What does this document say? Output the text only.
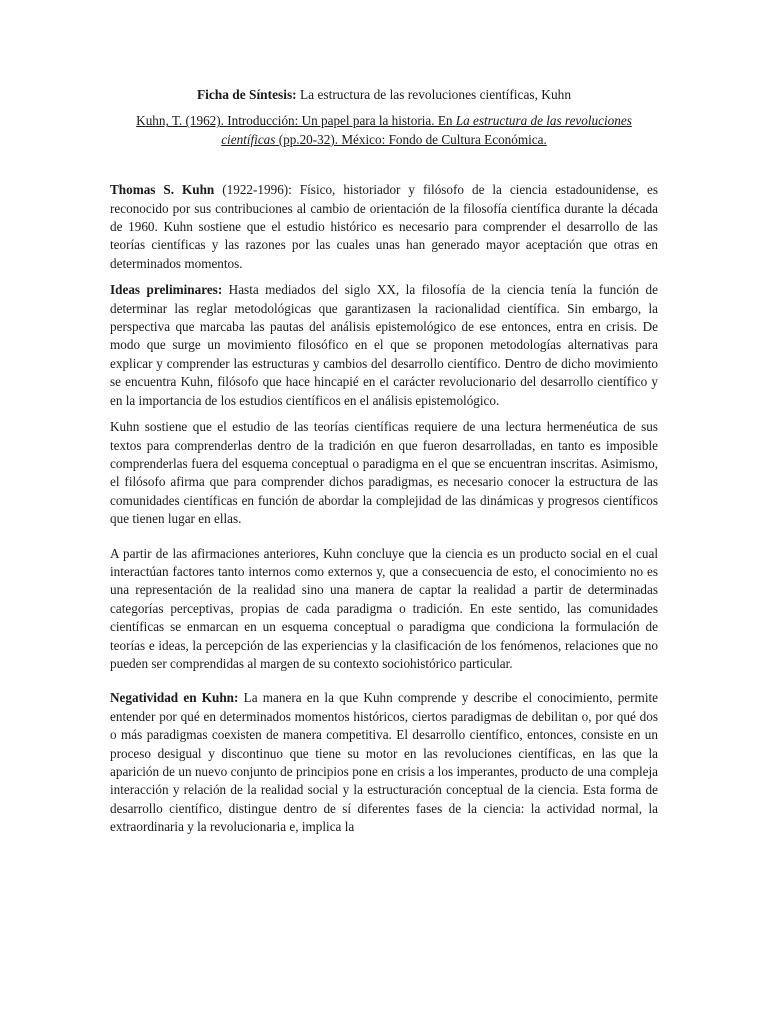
Ficha de Síntesis: La estructura de las revoluciones científicas, Kuhn
Kuhn, T. (1962). Introducción: Un papel para la historia. En La estructura de las revoluciones científicas (pp.20-32). México: Fondo de Cultura Económica.

Thomas S. Kuhn (1922-1996): Físico, historiador y filósofo de la ciencia estadounidense, es reconocido por sus contribuciones al cambio de orientación de la filosofía científica durante la década de 1960. Kuhn sostiene que el estudio histórico es necesario para comprender el desarrollo de las teorías científicas y las razones por las cuales unas han generado mayor aceptación que otras en determinados momentos.

Ideas preliminares: Hasta mediados del siglo XX, la filosofía de la ciencia tenía la función de determinar las reglar metodológicas que garantizasen la racionalidad científica. Sin embargo, la perspectiva que marcaba las pautas del análisis epistemológico de ese entonces, entra en crisis. De modo que surge un movimiento filosófico en el que se proponen metodologías alternativas para explicar y comprender las estructuras y cambios del desarrollo científico. Dentro de dicho movimiento se encuentra Kuhn, filósofo que hace hincapié en el carácter revolucionario del desarrollo científico y en la importancia de los estudios científicos en el análisis epistemológico.

Kuhn sostiene que el estudio de las teorías científicas requiere de una lectura hermenéutica de sus textos para comprenderlas dentro de la tradición en que fueron desarrolladas, en tanto es imposible comprenderlas fuera del esquema conceptual o paradigma en el que se encuentran inscritas. Asimismo, el filósofo afirma que para comprender dichos paradigmas, es necesario conocer la estructura de las comunidades científicas en función de abordar la complejidad de las dinámicas y progresos científicos que tienen lugar en ellas.

A partir de las afirmaciones anteriores, Kuhn concluye que la ciencia es un producto social en el cual interactúan factores tanto internos como externos y, que a consecuencia de esto, el conocimiento no es una representación de la realidad sino una manera de captar la realidad a partir de determinadas categorías perceptivas, propias de cada paradigma o tradición. En este sentido, las comunidades científicas se enmarcan en un esquema conceptual o paradigma que condiciona la formulación de teorías e ideas, la percepción de las experiencias y la clasificación de los fenómenos, relaciones que no pueden ser comprendidas al margen de su contexto sociohistórico particular.

Negatividad en Kuhn: La manera en la que Kuhn comprende y describe el conocimiento, permite entender por qué en determinados momentos históricos, ciertos paradigmas de debilitan o, por qué dos o más paradigmas coexisten de manera competitiva. El desarrollo científico, entonces, consiste en un proceso desigual y discontinuo que tiene su motor en las revoluciones científicas, en las que la aparición de un nuevo conjunto de principios pone en crisis a los imperantes, producto de una compleja interacción y relación de la realidad social y la estructuración conceptual de la ciencia. Esta forma de desarrollo científico, distingue dentro de sí diferentes fases de la ciencia: la actividad normal, la extraordinaria y la revolucionaria e, implica la
